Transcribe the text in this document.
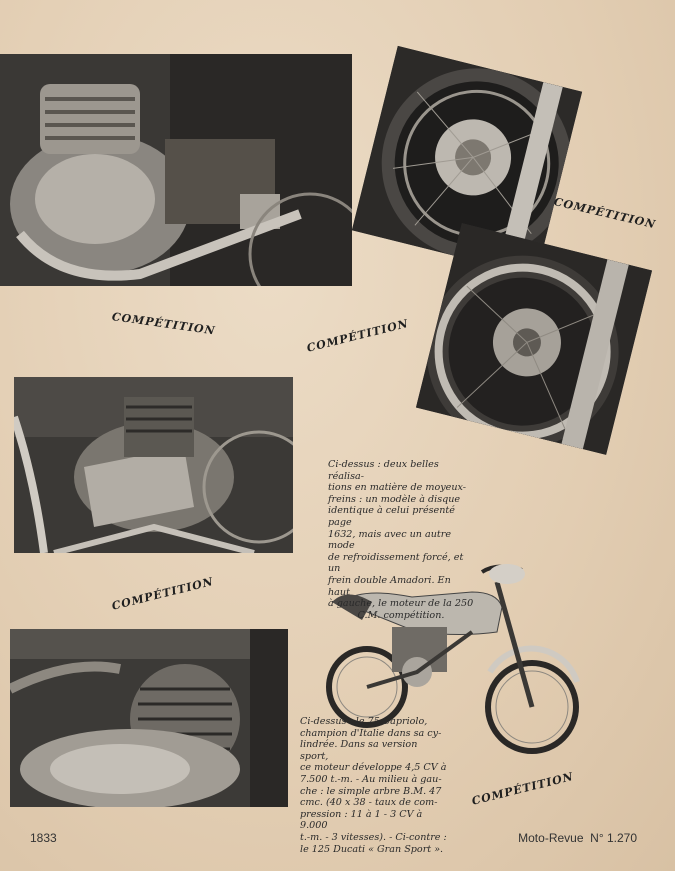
COMPÉTITION	COMPÉTITION
COMPÉTITION
COMPÉTITION
COMPÉTITION
Ci-dessus : deux belles réalisa-
tions en matière de moyeux-
freins : un modèle à disque
identique à celui présenté page
1632, mais avec un autre mode
de refroidissement forcé, et un
frein double Amadori. En haut
à gauche, le moteur de la 250
C.M. compétition.
Ci-dessus : le 75 Capriolo,
champion d'Italie dans sa cy-
lindrée. Dans sa version sport,
ce moteur développe 4,5 CV à
7.500 t.-m. - Au milieu à gau-
che : le simple arbre B.M. 47
cmc. (40 x 38 - taux de com-
pression : 11 à 1 - 3 CV à 9.000
t.-m. - 3 vitesses). - Ci-contre :
le 125 Ducati « Gran Sport ».
1833	Moto-Revue  N° 1.270
